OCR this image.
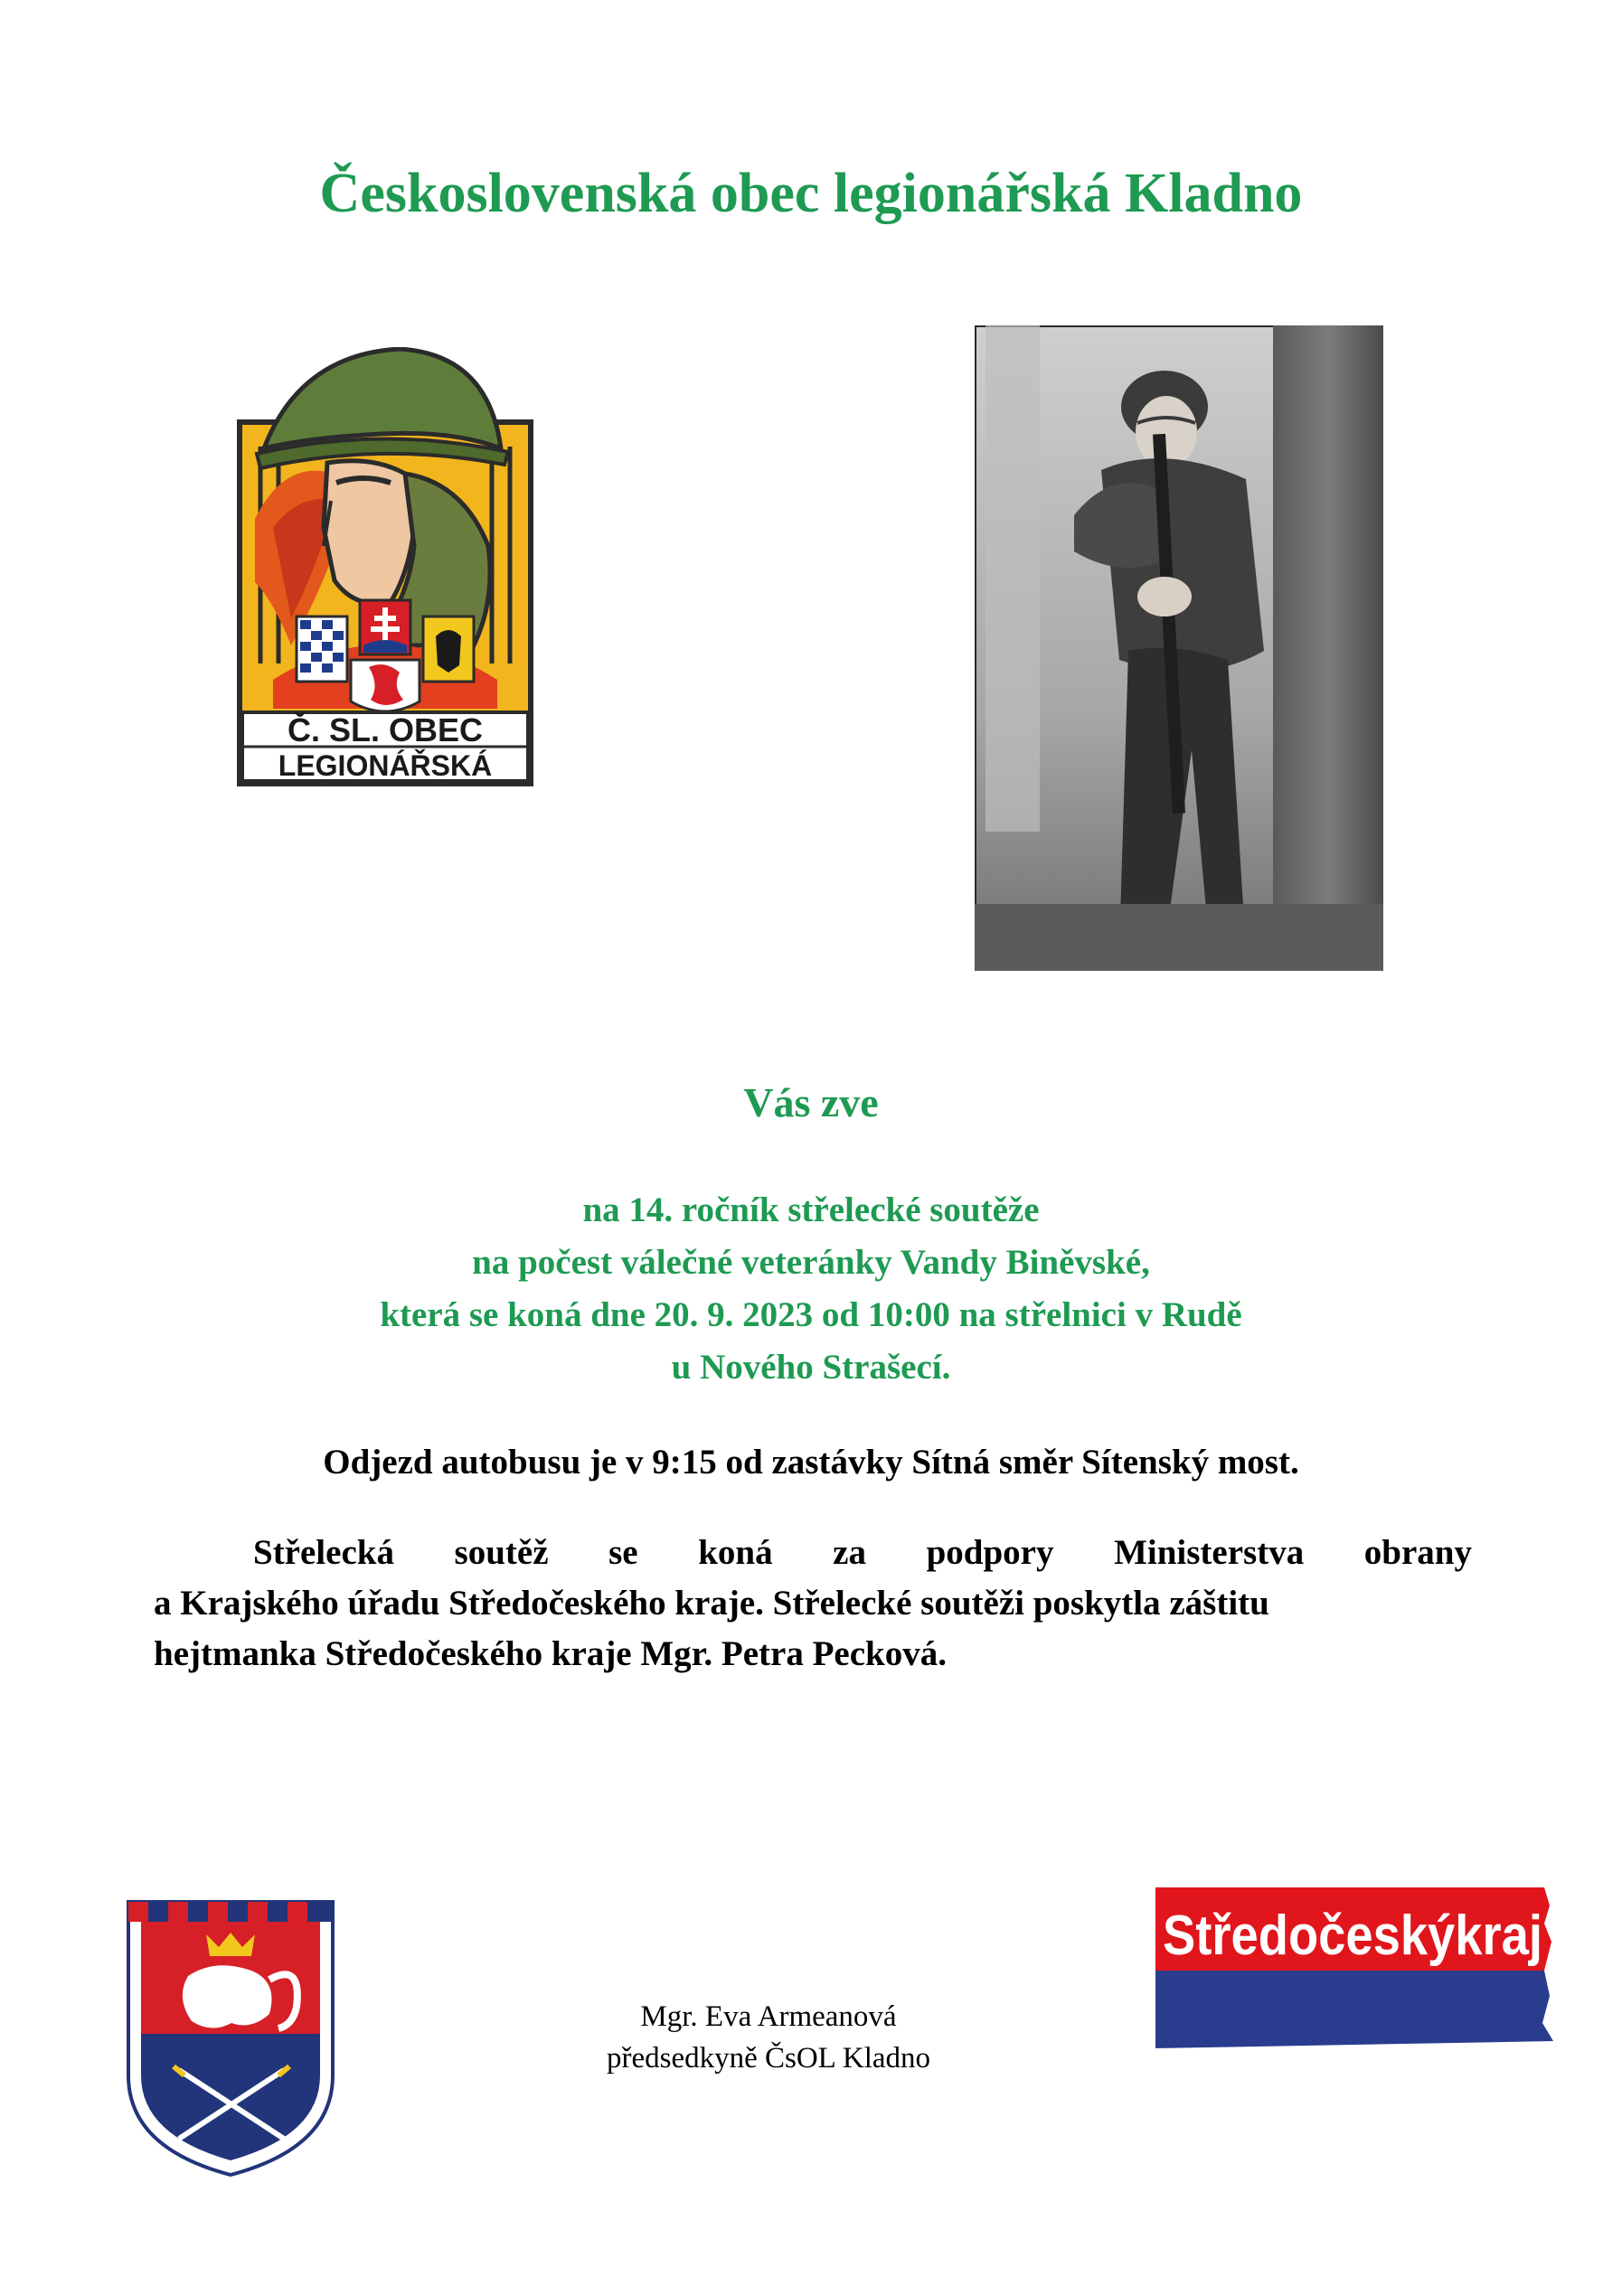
Československá obec legionářská Kladno
Č. SL. OBEC
LEGIONÁŘSKÁ
Vás zve
na 14. ročník střelecké soutěže
na počest válečné veteránky Vandy Biněvské,
která se koná dne 20. 9. 2023 od 10:00 na střelnici v Rudě
u Nového Strašecí.
Odjezd autobusu je v 9:15 od zastávky Sítná směr Sítenský most.
Střelecká soutěž se koná za podpory Ministerstva obrany
a Krajského úřadu Středočeského kraje. Střelecké soutěži poskytla záštitu
hejtmanka Středočeského kraje Mgr. Petra Pecková.
Mgr. Eva Armeanová
předsedkyně ČsOL Kladno
Středočeskýkraj
